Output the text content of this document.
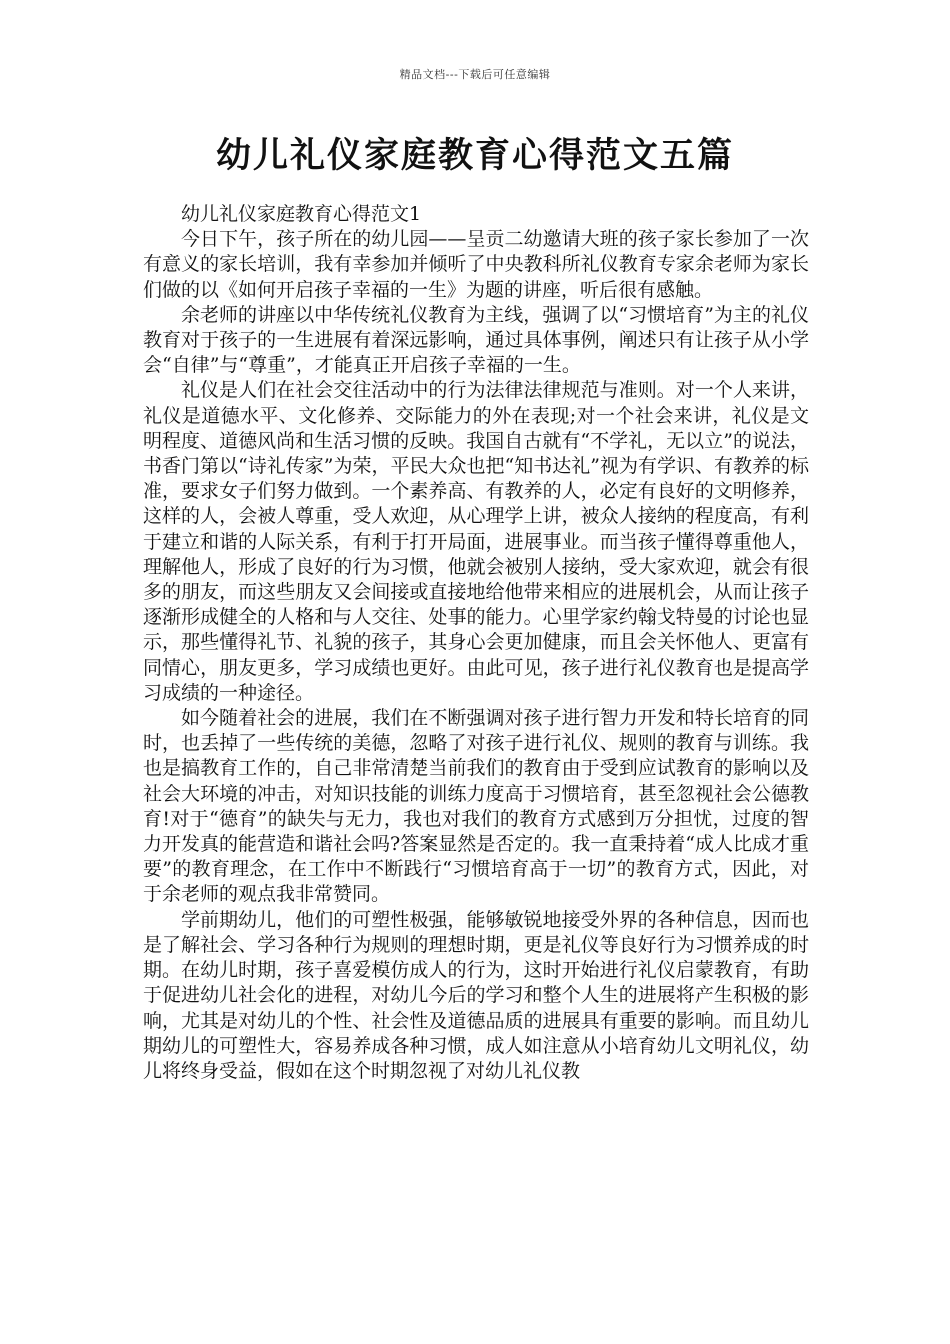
精品文档---下载后可任意编辑
幼儿礼仪家庭教育心得范文五篇

幼儿礼仪家庭教育心得范文1

今日下午，孩子所在的幼儿园——呈贡二幼邀请大班的孩子家长参加了一次有意义的家长培训，我有幸参加并倾听了中央教科所礼仪教育专家余老师为家长们做的以《如何开启孩子幸福的一生》为题的讲座，听后很有感触。

余老师的讲座以中华传统礼仪教育为主线，强调了以“习惯培育”为主的礼仪教育对于孩子的一生进展有着深远影响，通过具体事例，阐述只有让孩子从小学会“自律”与“尊重”，才能真正开启孩子幸福的一生。

礼仪是人们在社会交往活动中的行为法律法律规范与准则。对一个人来讲，礼仪是道德水平、文化修养、交际能力的外在表现;对一个社会来讲，礼仪是文明程度、道德风尚和生活习惯的反映。我国自古就有“不学礼，无以立”的说法，书香门第以“诗礼传家”为荣，平民大众也把“知书达礼”视为有学识、有教养的标准，要求女子们努力做到。一个素养高、有教养的人，必定有良好的文明修养，这样的人，会被人尊重，受人欢迎，从心理学上讲，被众人接纳的程度高，有利于建立和谐的人际关系，有利于打开局面，进展事业。而当孩子懂得尊重他人，理解他人，形成了良好的行为习惯，他就会被别人接纳，受大家欢迎，就会有很多的朋友，而这些朋友又会间接或直接地给他带来相应的进展机会，从而让孩子逐渐形成健全的人格和与人交往、处事的能力。心里学家约翰戈特曼的讨论也显示，那些懂得礼节、礼貌的孩子，其身心会更加健康，而且会关怀他人、更富有同情心，朋友更多，学习成绩也更好。由此可见，孩子进行礼仪教育也是提高学习成绩的一种途径。

如今随着社会的进展，我们在不断强调对孩子进行智力开发和特长培育的同时，也丢掉了一些传统的美德，忽略了对孩子进行礼仪、规则的教育与训练。我也是搞教育工作的，自己非常清楚当前我们的教育由于受到应试教育的影响以及社会大环境的冲击，对知识技能的训练力度高于习惯培育，甚至忽视社会公德教育!对于“德育”的缺失与无力，我也对我们的教育方式感到万分担忧，过度的智力开发真的能营造和谐社会吗?答案显然是否定的。我一直秉持着“成人比成才重要”的教育理念，在工作中不断践行“习惯培育高于一切”的教育方式，因此，对于余老师的观点我非常赞同。

学前期幼儿，他们的可塑性极强，能够敏锐地接受外界的各种信息，因而也是了解社会、学习各种行为规则的理想时期，更是礼仪等良好行为习惯养成的时期。在幼儿时期，孩子喜爱模仿成人的行为，这时开始进行礼仪启蒙教育，有助于促进幼儿社会化的进程，对幼儿今后的学习和整个人生的进展将产生积极的影响，尤其是对幼儿的个性、社会性及道德品质的进展具有重要的影响。而且幼儿期幼儿的可塑性大，容易养成各种习惯，成人如注意从小培育幼儿文明礼仪，幼儿将终身受益，假如在这个时期忽视了对幼儿礼仪教
